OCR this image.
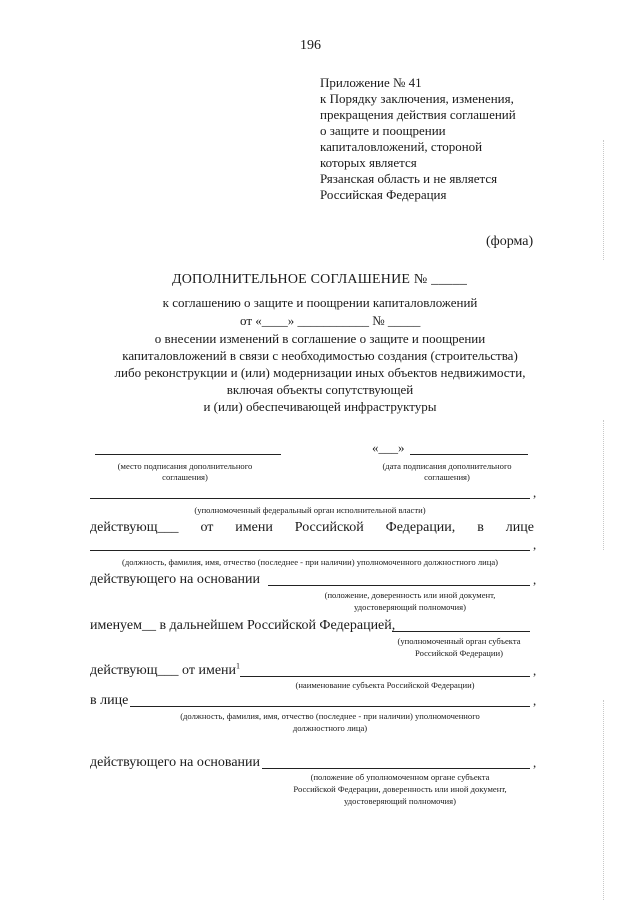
196
Приложение № 41
к Порядку заключения, изменения,
прекращения действия соглашений
о защите и поощрении
капиталовложений, стороной
которых является
Рязанская область и не является
Российская Федерация
(форма)
ДОПОЛНИТЕЛЬНОЕ СОГЛАШЕНИЕ № _____
к соглашению о защите и поощрении капиталовложений
от «____» ___________ № _____
о внесении изменений в соглашение о защите и поощрении
капиталовложений в связи с необходимостью создания (строительства)
либо реконструкции и (или) модернизации иных объектов недвижимости,
включая объекты сопутствующей
и (или) обеспечивающей инфраструктуры
«___»
(место подписания дополнительного соглашения)
(дата подписания дополнительного соглашения)
,
(уполномоченный федеральный орган исполнительной власти)
действующ___ от имени Российской Федерации, в лице
,
(должность, фамилия, имя, отчество (последнее - при наличии) уполномоченного должностного лица)
действующего на основании	,
(положение, доверенность или иной документ,
удостоверяющий полномочия)
именуем__ в дальнейшем Российской Федерацией,
(уполномоченный орган субъекта
Российской Федерации)
действующ___ от имени$^1$	,
(наименование субъекта Российской Федерации)
в лице	,
(должность, фамилия, имя, отчество (последнее - при наличии) уполномоченного
должностного лица)
действующего на основании	,
(положение об уполномоченном органе субъекта
Российской Федерации, доверенность или иной документ,
удостоверяющий полномочия)
